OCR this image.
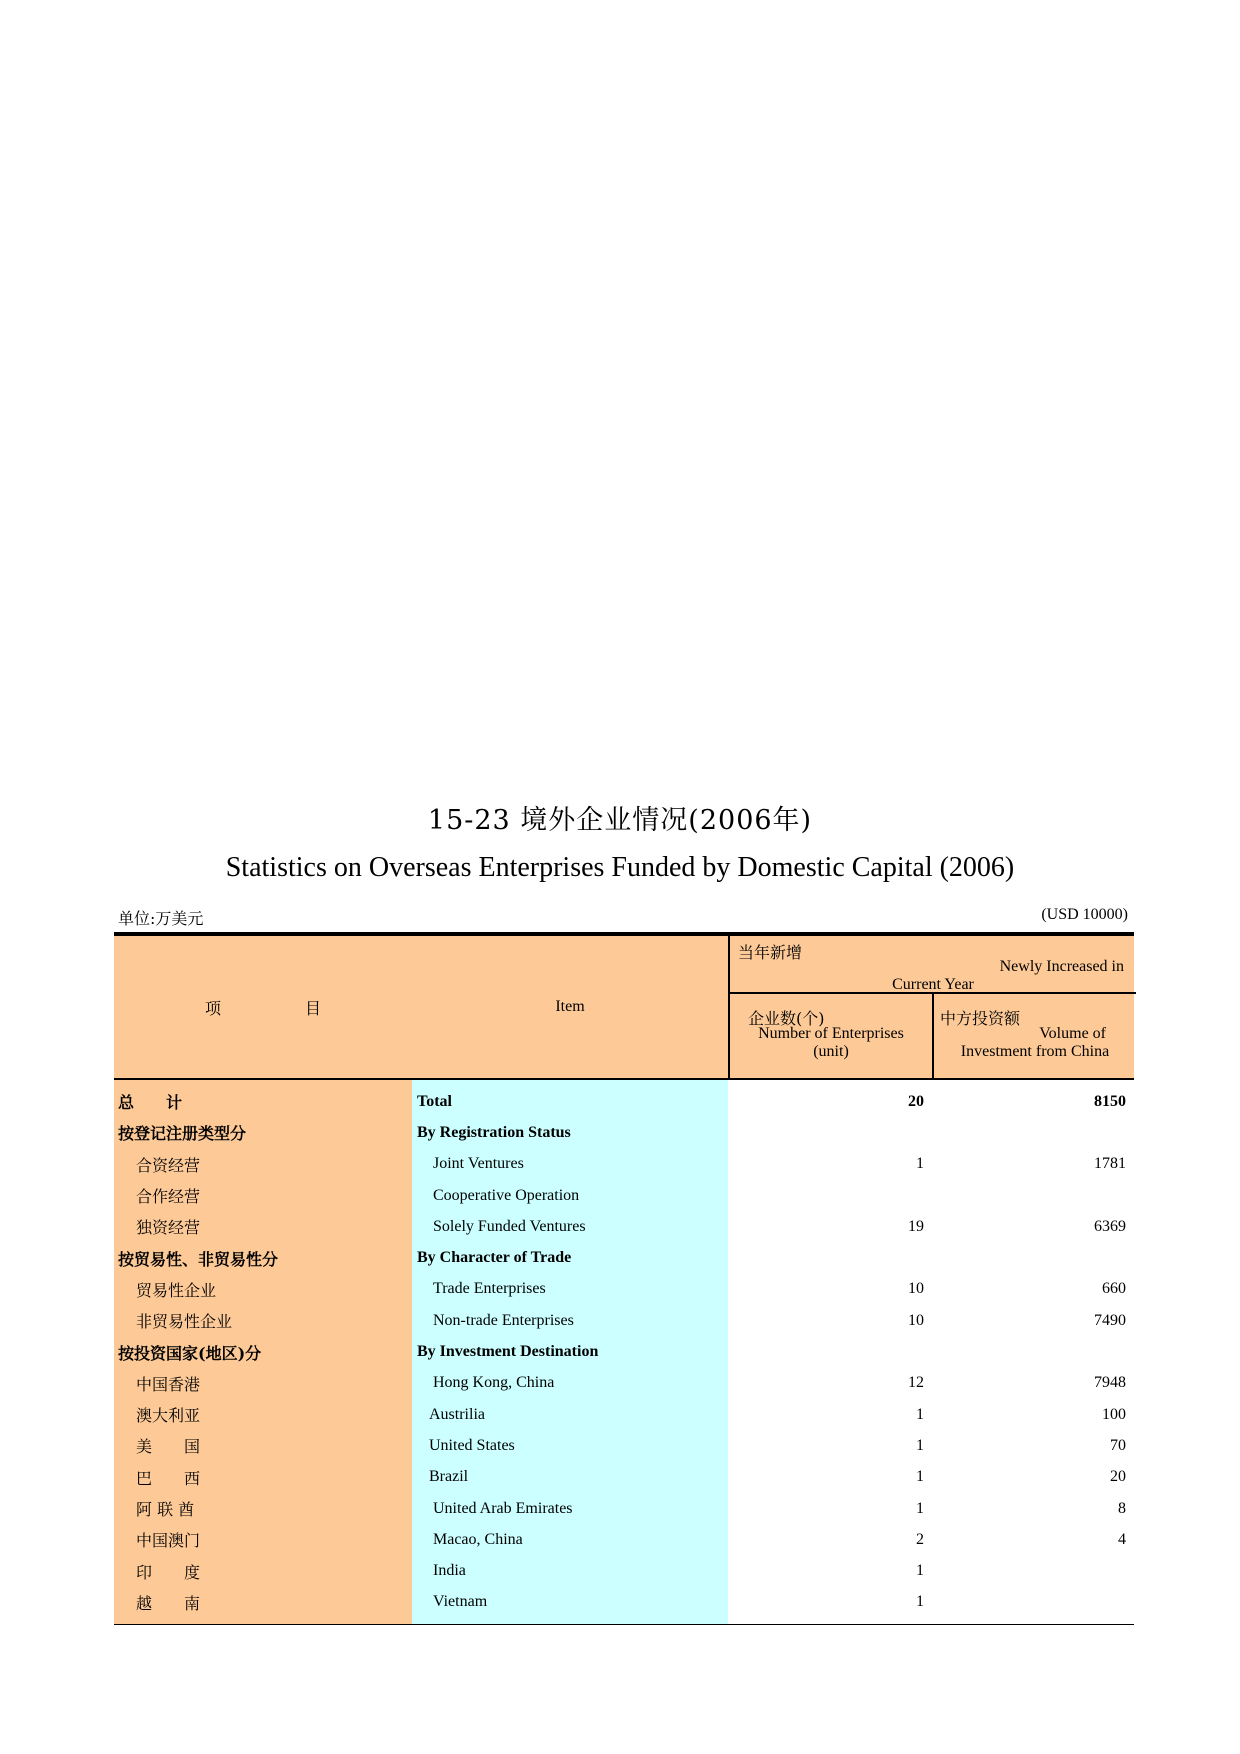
15-23 境外企业情况(2006年)
Statistics on Overseas Enterprises Funded by Domestic Capital (2006)
单位:万美元	(USD 10000)
项	目	Item
当年新增
Newly Increased in
Current Year
企业数(个)
Number of Enterprises
(unit)
中方投资额
Volume of
Investment from China
总　　计	Total	20	8150
按登记注册类型分	By Registration Status
合资经营	Joint Ventures	1	1781
合作经营	Cooperative Operation
独资经营	Solely Funded Ventures	19	6369
按贸易性、非贸易性分	By Character of Trade
贸易性企业	Trade Enterprises	10	660
非贸易性企业	Non-trade Enterprises	10	7490
按投资国家(地区)分	By Investment Destination
中国香港	Hong Kong, China	12	7948
澳大利亚	Austrilia	1	100
美　　国	United States	1	70
巴　　西	Brazil	1	20
阿 联 酋	United Arab Emirates	1	8
中国澳门	Macao, China	2	4
印　　度	India	1
越　　南	Vietnam	1
